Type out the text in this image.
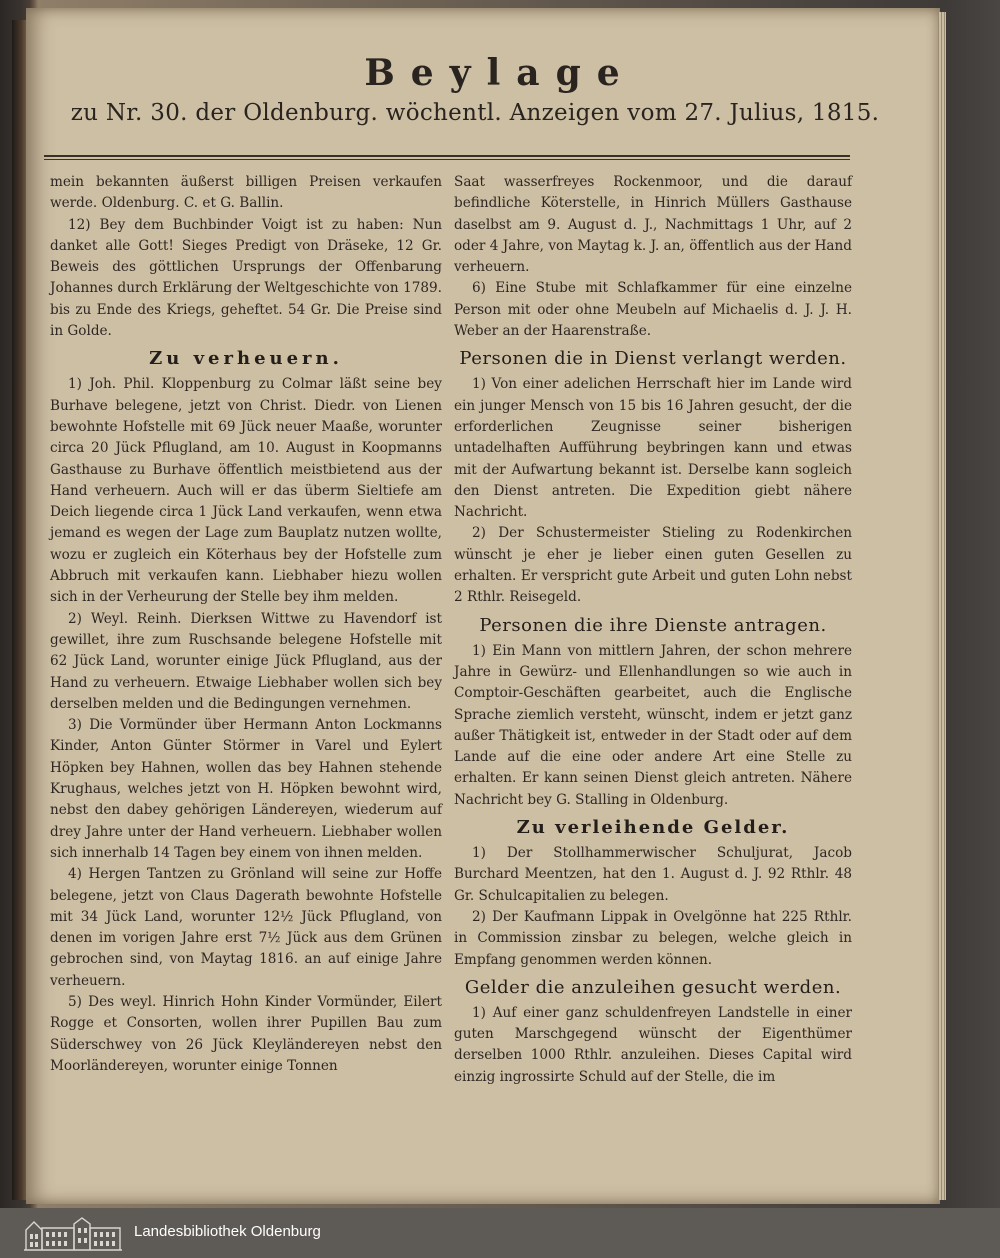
Beylage
zu Nr. 30. der Oldenburg. wöchentl. Anzeigen vom 27. Julius, 1815.

mein bekannten äußerst billigen Preisen verkaufen werde. Oldenburg. C. et G. Ballin.

12) Bey dem Buchbinder Voigt ist zu haben: Nun danket alle Gott! Sieges Predigt von Dräseke, 12 Gr. Beweis des göttlichen Ursprungs der Offenbarung Johannes durch Erklärung der Weltgeschichte von 1789. bis zu Ende des Kriegs, geheftet. 54 Gr. Die Preise sind in Golde.

Zu verheuern.

1) Joh. Phil. Kloppenburg zu Colmar läßt seine bey Burhave belegene, jetzt von Christ. Diedr. von Lienen bewohnte Hofstelle mit 69 Jück neuer Maaße, worunter circa 20 Jück Pflugland, am 10. August in Koopmanns Gasthause zu Burhave öffentlich meistbietend aus der Hand verheuern. Auch will er das überm Sieltiefe am Deich liegende circa 1 Jück Land verkaufen, wenn etwa jemand es wegen der Lage zum Bauplatz nutzen wollte, wozu er zugleich ein Köterhaus bey der Hofstelle zum Abbruch mit verkaufen kann. Liebhaber hiezu wollen sich in der Verheurung der Stelle bey ihm melden.

2) Weyl. Reinh. Dierksen Wittwe zu Havendorf ist gewillet, ihre zum Ruschsande belegene Hofstelle mit 62 Jück Land, worunter einige Jück Pflugland, aus der Hand zu verheuern. Etwaige Liebhaber wollen sich bey derselben melden und die Bedingungen vernehmen.

3) Die Vormünder über Hermann Anton Lockmanns Kinder, Anton Günter Störmer in Varel und Eylert Höpken bey Hahnen, wollen das bey Hahnen stehende Krughaus, welches jetzt von H. Höpken bewohnt wird, nebst den dabey gehörigen Ländereyen, wiederum auf drey Jahre unter der Hand verheuern. Liebhaber wollen sich innerhalb 14 Tagen bey einem von ihnen melden.

4) Hergen Tantzen zu Grönland will seine zur Hoffe belegene, jetzt von Claus Dagerath bewohnte Hofstelle mit 34 Jück Land, worunter 12½ Jück Pflugland, von denen im vorigen Jahre erst 7½ Jück aus dem Grünen gebrochen sind, von Maytag 1816. an auf einige Jahre verheuern.

5) Des weyl. Hinrich Hohn Kinder Vormünder, Eilert Rogge et Consorten, wollen ihrer Pupillen Bau zum Süderschwey von 26 Jück Kleyländereyen nebst den Moorländereyen, worunter einige Tonnen

Saat wasserfreyes Rockenmoor, und die darauf befindliche Köterstelle, in Hinrich Müllers Gasthause daselbst am 9. August d. J., Nachmittags 1 Uhr, auf 2 oder 4 Jahre, von Maytag k. J. an, öffentlich aus der Hand verheuern.

6) Eine Stube mit Schlafkammer für eine einzelne Person mit oder ohne Meubeln auf Michaelis d. J. J. H. Weber an der Haarenstraße.

Personen die in Dienst verlangt werden.

1) Von einer adelichen Herrschaft hier im Lande wird ein junger Mensch von 15 bis 16 Jahren gesucht, der die erforderlichen Zeugnisse seiner bisherigen untadelhaften Aufführung beybringen kann und etwas mit der Aufwartung bekannt ist. Derselbe kann sogleich den Dienst antreten. Die Expedition giebt nähere Nachricht.

2) Der Schustermeister Stieling zu Rodenkirchen wünscht je eher je lieber einen guten Gesellen zu erhalten. Er verspricht gute Arbeit und guten Lohn nebst 2 Rthlr. Reisegeld.

Personen die ihre Dienste antragen.

1) Ein Mann von mittlern Jahren, der schon mehrere Jahre in Gewürz- und Ellenhandlungen so wie auch in Comptoir-Geschäften gearbeitet, auch die Englische Sprache ziemlich versteht, wünscht, indem er jetzt ganz außer Thätigkeit ist, entweder in der Stadt oder auf dem Lande auf die eine oder andere Art eine Stelle zu erhalten. Er kann seinen Dienst gleich antreten. Nähere Nachricht bey G. Stalling in Oldenburg.

Zu verleihende Gelder.

1) Der Stollhammerwischer Schuljurat, Jacob Burchard Meentzen, hat den 1. August d. J. 92 Rthlr. 48 Gr. Schulcapitalien zu belegen.

2) Der Kaufmann Lippak in Ovelgönne hat 225 Rthlr. in Commission zinsbar zu belegen, welche gleich in Empfang genommen werden können.

Gelder die anzuleihen gesucht werden.

1) Auf einer ganz schuldenfreyen Landstelle in einer guten Marschgegend wünscht der Eigenthümer derselben 1000 Rthlr. anzuleihen. Dieses Capital wird einzig ingrossirte Schuld auf der Stelle, die im

Landesbibliothek Oldenburg
